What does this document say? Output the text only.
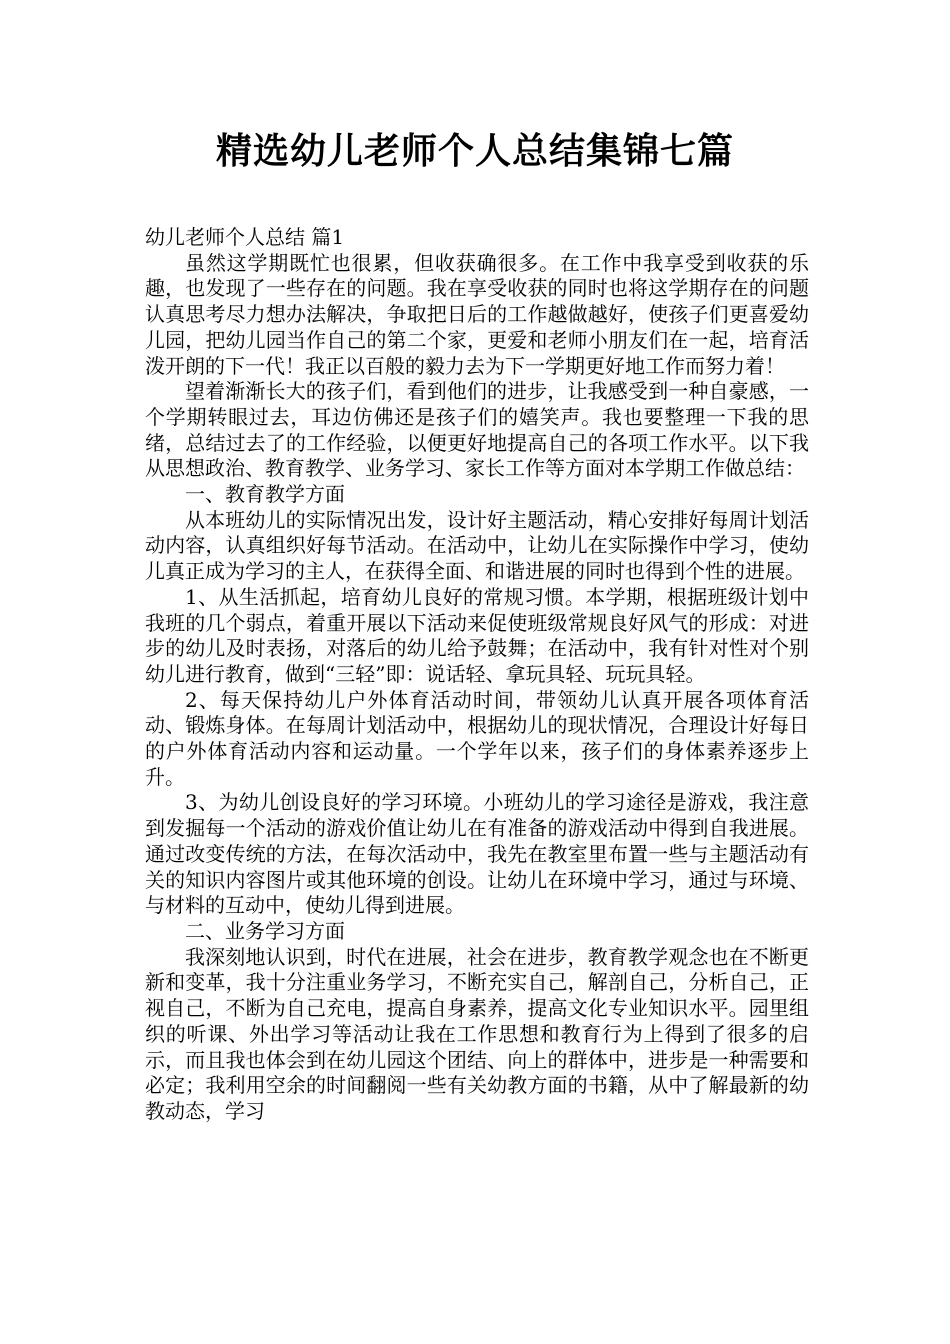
精选幼儿老师个人总结集锦七篇

幼儿老师个人总结 篇1

虽然这学期既忙也很累，但收获确很多。在工作中我享受到收获的乐趣，也发现了一些存在的问题。我在享受收获的同时也将这学期存在的问题认真思考尽力想办法解决，争取把日后的工作越做越好，使孩子们更喜爱幼儿园，把幼儿园当作自己的第二个家，更爱和老师小朋友们在一起，培育活泼开朗的下一代！我正以百般的毅力去为下一学期更好地工作而努力着！

望着渐渐长大的孩子们，看到他们的进步，让我感受到一种自豪感，一个学期转眼过去，耳边仿佛还是孩子们的嬉笑声。我也要整理一下我的思绪，总结过去了的工作经验，以便更好地提高自己的各项工作水平。以下我从思想政治、教育教学、业务学习、家长工作等方面对本学期工作做总结：

一、教育教学方面

从本班幼儿的实际情况出发，设计好主题活动，精心安排好每周计划活动内容，认真组织好每节活动。在活动中，让幼儿在实际操作中学习，使幼儿真正成为学习的主人，在获得全面、和谐进展的同时也得到个性的进展。

1、从生活抓起，培育幼儿良好的常规习惯。本学期，根据班级计划中我班的几个弱点，着重开展以下活动来促使班级常规良好风气的形成：对进步的幼儿及时表扬，对落后的幼儿给予鼓舞；在活动中，我有针对性对个别幼儿进行教育，做到“三轻”即：说话轻、拿玩具轻、玩玩具轻。

2、每天保持幼儿户外体育活动时间，带领幼儿认真开展各项体育活动、锻炼身体。在每周计划活动中，根据幼儿的现状情况，合理设计好每日的户外体育活动内容和运动量。一个学年以来，孩子们的身体素养逐步上升。

3、为幼儿创设良好的学习环境。小班幼儿的学习途径是游戏，我注意到发掘每一个活动的游戏价值让幼儿在有准备的游戏活动中得到自我进展。通过改变传统的方法，在每次活动中，我先在教室里布置一些与主题活动有关的知识内容图片或其他环境的创设。让幼儿在环境中学习，通过与环境、与材料的互动中，使幼儿得到进展。

二、业务学习方面

我深刻地认识到，时代在进展，社会在进步，教育教学观念也在不断更新和变革，我十分注重业务学习，不断充实自己，解剖自己，分析自己，正视自己，不断为自己充电，提高自身素养，提高文化专业知识水平。园里组织的听课、外出学习等活动让我在工作思想和教育行为上得到了很多的启示，而且我也体会到在幼儿园这个团结、向上的群体中，进步是一种需要和必定；我利用空余的时间翻阅一些有关幼教方面的书籍，从中了解最新的幼教动态，学习
